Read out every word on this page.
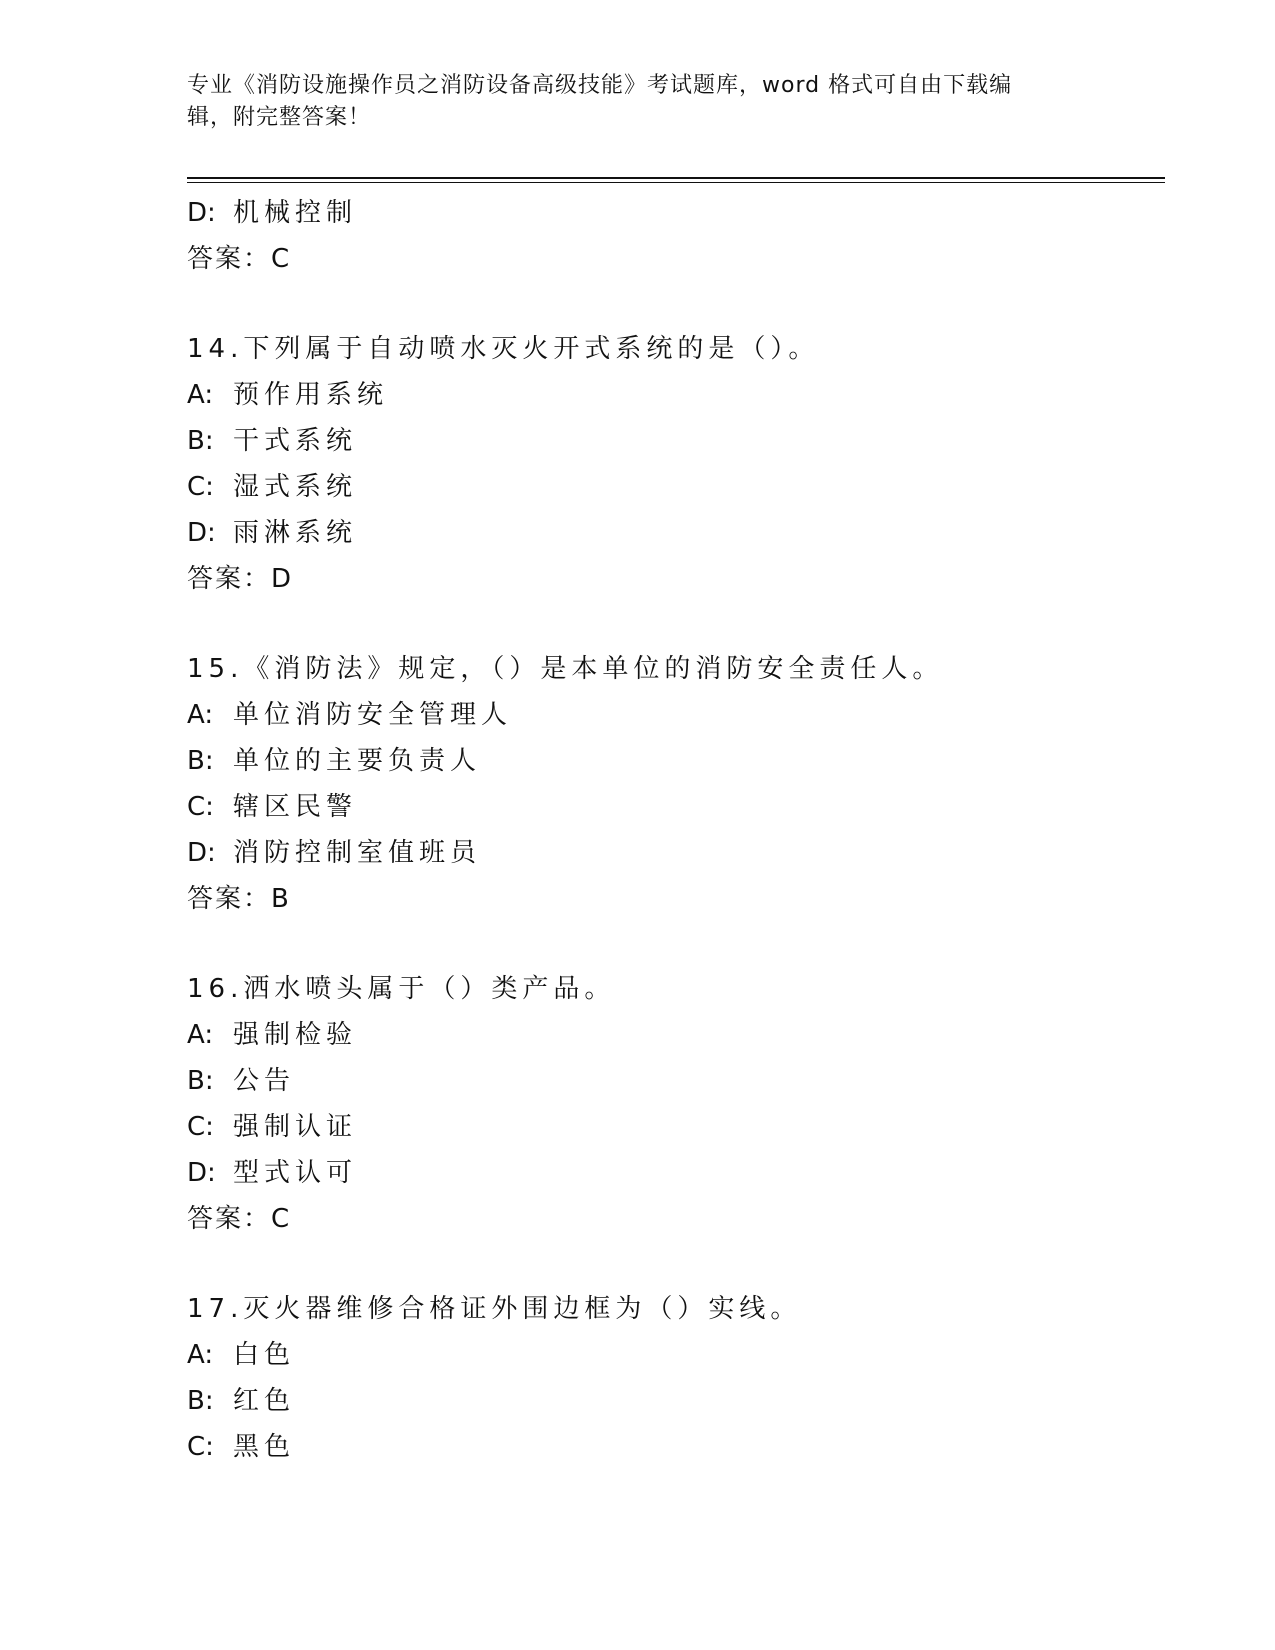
专业《消防设施操作员之消防设备高级技能》考试题库，word 格式可自由下载编
辑，附完整答案！
D: 机械控制
答案：C
14.下列属于自动喷水灭火开式系统的是（）。
A: 预作用系统
B: 干式系统
C: 湿式系统
D: 雨淋系统
答案：D
15.《消防法》规定，（）是本单位的消防安全责任人。
A: 单位消防安全管理人
B: 单位的主要负责人
C: 辖区民警
D: 消防控制室值班员
答案：B
16.洒水喷头属于（）类产品。
A: 强制检验
B: 公告
C: 强制认证
D: 型式认可
答案：C
17.灭火器维修合格证外围边框为（）实线。
A: 白色
B: 红色
C: 黑色
